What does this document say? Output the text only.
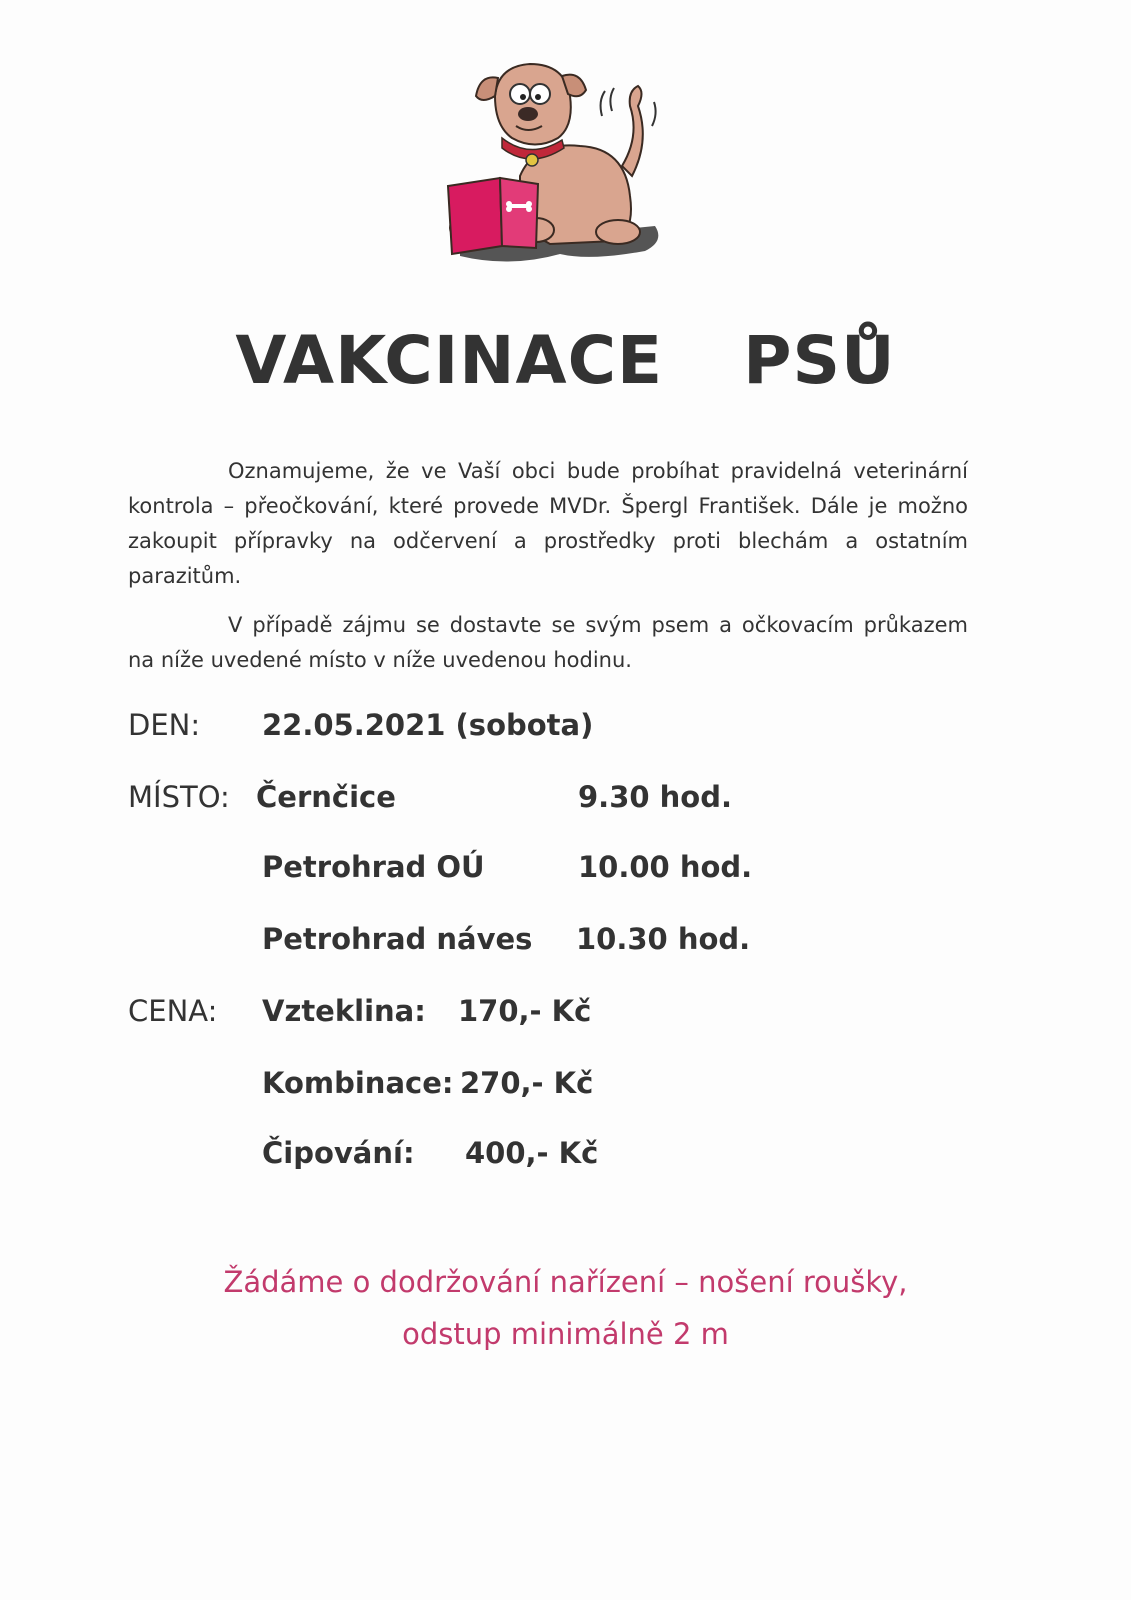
VAKCINACE PSŮ
Oznamujeme, že ve Vaší obci bude probíhat pravidelná veterinární kontrola – přeočkování, které provede MVDr. Špergl František. Dále je možno zakoupit přípravky na odčervení a prostředky proti blechám a ostatním parazitům.
V případě zájmu se dostavte se svým psem a očkovacím průkazem na níže uvedené místo v níže uvedenou hodinu.
DEN: 22.05.2021 (sobota)
MÍSTO: Černčice	9.30 hod.
Petrohrad OÚ	10.00 hod.
Petrohrad náves 10.30 hod.
CENA: Vzteklina: 170,- Kč
Kombinace: 270,- Kč
Čipování: 400,- Kč
Žádáme o dodržování nařízení – nošení roušky,
odstup minimálně 2 m
